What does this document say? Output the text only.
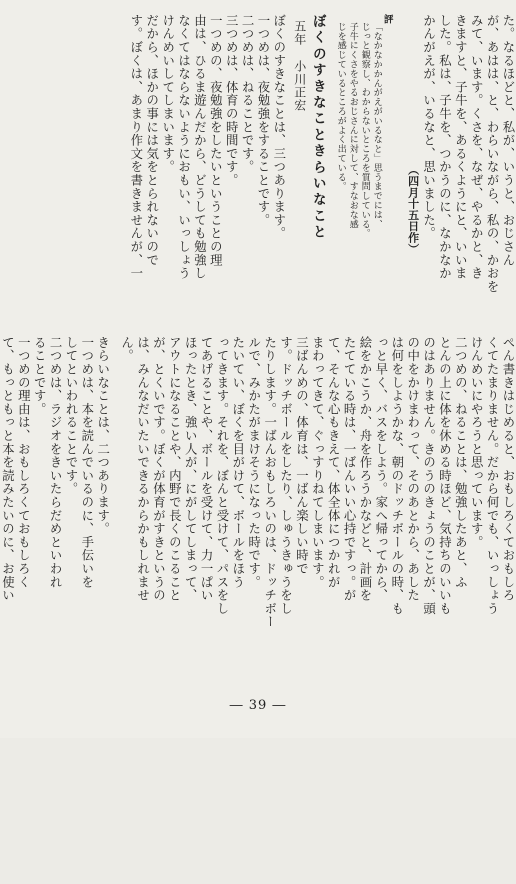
た。なるほどと、私が、いうと、おじさん
が、あはは、と、わらいながら、私の、かおを
みて、います。くさを、なぜ、やるかと、き
きますと、子牛を、あるくようにと、いいま
した。私は、子牛を、つかうのに、なかなか
かんがえが、いるなと、思いました。
（四月十五日作）
評
「なかなかかんがえがいるなと」思うまでには、
じっと観察し、わからないところを質問している。
子牛にくさをやるおじさんに対して、すなおな感
じを感じているところがよく出ている。
ぼくのすきなこときらいなこと
五年小川正宏
ぼくのすきなことは、三つあります。
一つめは、夜勉強をすることです。
二つめは、ねることです。
三つめは、体育の時間です。
一つめの、夜勉強をしたいということの理
由は、ひるま遊んだから、どうしても勉強し
なくてはならないようにおもい、いっしょう
けんめいしてしまいます。
だから、ほかの事には気をとられないので
す。ぼくは、あまり作文を書きませんが、一
ぺん書きはじめると、おもしろくておもしろ
くてたまりません。だから何でも、いっしょう
けんめいにやろうと思っています。
二つめの、ねることは、勉強したあと、ふ
とんの上に体を休める時ほど、気持ちのいいも
のはありません。きのうのきょうのことが、頭
の中をかけまわって、そのあとから、あした
は何をしようかな、朝のドッチボールの時、も
っと早く、バスをしよう。家へ帰ってから、
絵をかこうか、舟を作ろうかなどと、計画を
たてている時は、一ばんいい心持ですっ。が
て、そんな心もきえて、体全体につかれが
まわってきて、ぐっすりねてしまいます。
三ばんめの、体育は、一ばん楽しい時で
す。ドッチボールをしたり、しゅうきゅうをし
たりします。一ばんおもしろいのは、ドッチボー
ルで、みかたがまけそうになった時です。
たいてい、ぼくを目がけて、ボールをほう
ってきます。それを、ぼんと受けて、パスをし
てあげることや、ボールを受けて、力一ぱい
ほったとき、強い人が、にがしてしまって、
アウトになることや、内野で長くのこること
が、とくいです。ぼくが体育がすきというの
は、みんなだいたいできるからかもしれませ
ん。
きらいなことは、二つあります。
一つめは、本を読んでいるのに、手伝いを
してといわれることです。
二つめは、ラジオをきいたらだめといわれ
ることです。
一つめの理由は、おもしろくておもしろく
て、もっともっと本を読みたいのに、お使い
― 39 ―
